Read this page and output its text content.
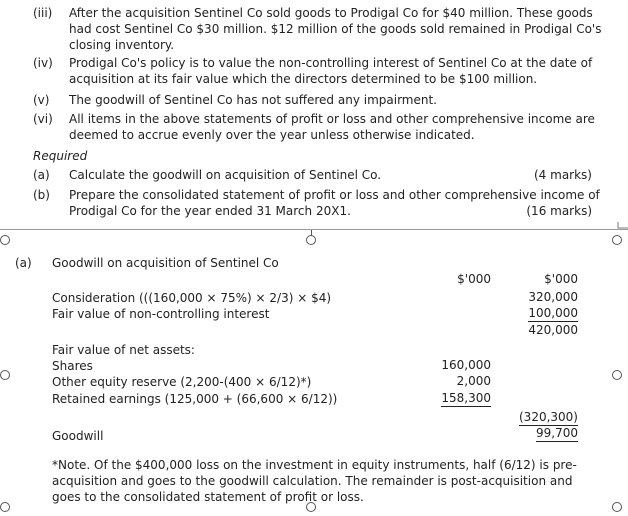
(iii) After the acquisition Sentinel Co sold goods to Prodigal Co for $40 million. These goods
had cost Sentinel Co $30 million. $12 million of the goods sold remained in Prodigal Co's
closing inventory.
(iv) Prodigal Co's policy is to value the non-controlling interest of Sentinel Co at the date of
acquisition at its fair value which the directors determined to be $100 million.
(v) The goodwill of Sentinel Co has not suffered any impairment.
(vi) All items in the above statements of profit or loss and other comprehensive income are
deemed to accrue evenly over the year unless otherwise indicated.
Required
(a) Calculate the goodwill on acquisition of Sentinel Co.	(4 marks)
(b) Prepare the consolidated statement of profit or loss and other comprehensive income of
Prodigal Co for the year ended 31 March 20X1.	(16 marks)
(a) Goodwill on acquisition of Sentinel Co
$'000	$'000
Consideration (((160,000 × 75%) × 2/3) × $4)	320,000
Fair value of non-controlling interest	100,000
420,000
Fair value of net assets:
Shares	160,000
Other equity reserve (2,200-(400 × 6/12)*)	2,000
Retained earnings (125,000 + (66,600 × 6/12))	158,300
(320,300)
Goodwill	99,700
*Note. Of the $400,000 loss on the investment in equity instruments, half (6/12) is pre-
acquisition and goes to the goodwill calculation. The remainder is post-acquisition and
goes to the consolidated statement of profit or loss.
